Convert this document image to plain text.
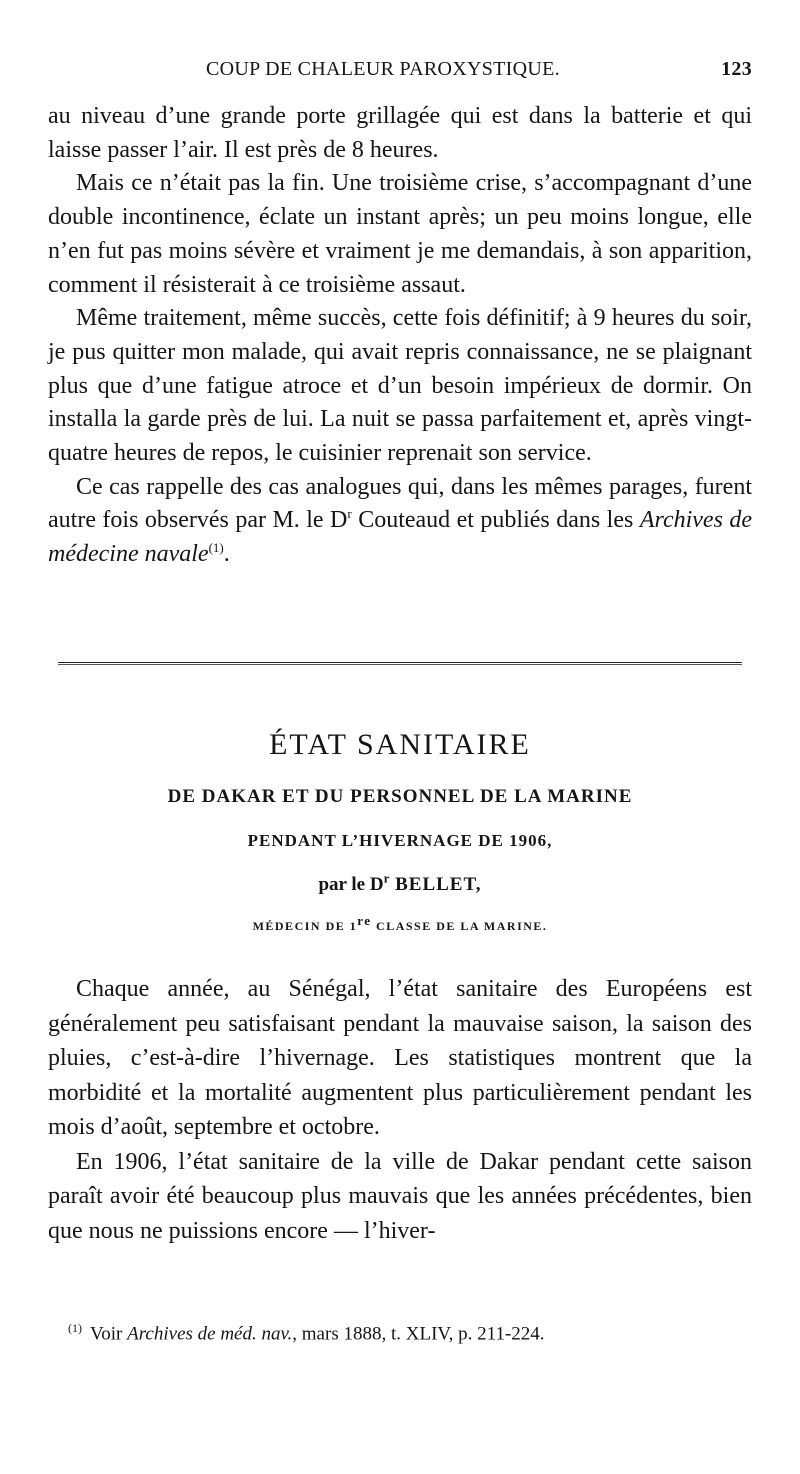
COUP DE CHALEUR PAROXYSTIQUE.	123

au niveau d’une grande porte grillagée qui est dans la batterie et qui laisse passer l’air. Il est près de 8 heures.

Mais ce n’était pas la fin. Une troisième crise, s’accompagnant d’une double incontinence, éclate un instant après; un peu moins longue, elle n’en fut pas moins sévère et vraiment je me demandais, à son apparition, comment il résisterait à ce troisième assaut.

Même traitement, même succès, cette fois définitif; à 9 heures du soir, je pus quitter mon malade, qui avait repris connaissance, ne se plaignant plus que d’une fatigue atroce et d’un besoin impérieux de dormir. On installa la garde près de lui. La nuit se passa parfaitement et, après vingt-quatre heures de repos, le cuisinier reprenait son service.

Ce cas rappelle des cas analogues qui, dans les mêmes parages, furent autre fois observés par M. le $D^r$ Couteaud et publiés dans les Archives de médecine navale$^{(1)}$.

ÉTAT SANITAIRE
DE DAKAR ET DU PERSONNEL DE LA MARINE
PENDANT L’HIVERNAGE DE 1906,
par le $D^r$ BELLET,
MÉDECIN DE 1re CLASSE DE LA MARINE.

Chaque année, au Sénégal, l’état sanitaire des Européens est généralement peu satisfaisant pendant la mauvaise saison, la saison des pluies, c’est-à-dire l’hivernage. Les statistiques montrent que la morbidité et la mortalité augmentent plus particulièrement pendant les mois d’août, septembre et octobre.

En 1906, l’état sanitaire de la ville de Dakar pendant cette saison paraît avoir été beaucoup plus mauvais que les années précédentes, bien que nous ne puissions encore — l’hiver-

$^{(1)}$ Voir Archives de méd. nav., mars 1888, t. XLIV, p. 211-224.
